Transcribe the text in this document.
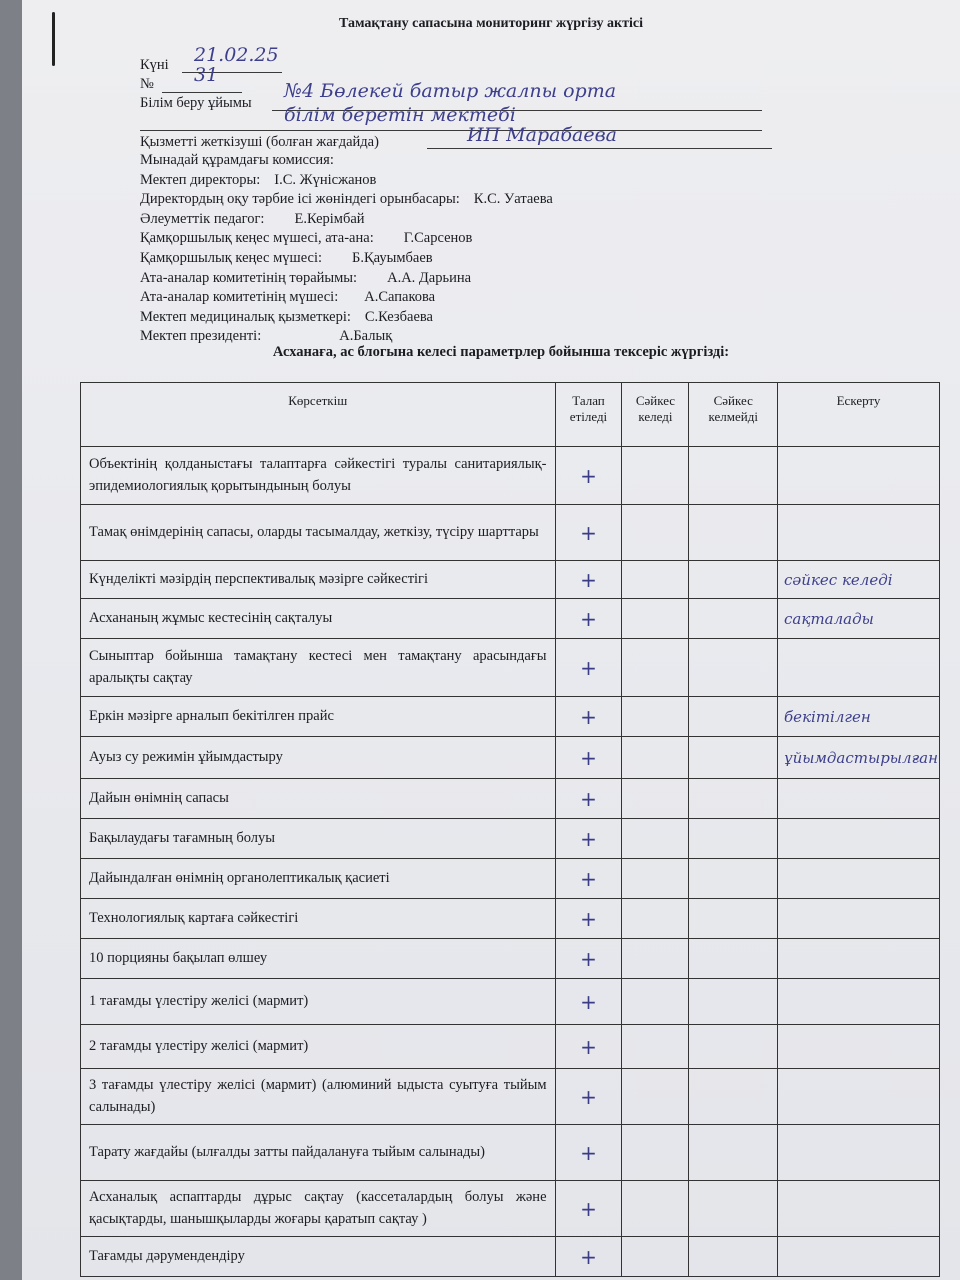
Тамақтану сапасына мониторинг жүргізу актісі
Күні 21.02.25
№ 31
Білім беру ұйымы
№4 Бөлекей батыр жалпы орта
білім беретін мектебі
Қызметті жеткізуші (болған жағдайда)	ИП Марабаева
Мынадай құрамдағы комиссия:
Мектеп директоры: І.С. Жүнісжанов
Директордың оқу тәрбие ісі жөніндегі орынбасары: К.С. Уатаева
Әлеуметтік педагог: Е.Керімбай
Қамқоршылық кеңес мүшесі, ата-ана: Г.Сарсенов
Қамқоршылық кеңес мүшесі: Б.Қауымбаев
Ата-аналар комитетінің төрайымы: А.А. Дарьина
Ата-аналар комитетінің мүшесі: А.Сапакова
Мектеп медициналық қызметкері: С.Кезбаева
Мектеп президенті:	А.Балық
Асханаға, ас блогына келесі параметрлер бойынша тексеріс жүргізді:
Көрсеткіш	Талап етіледі	Сәйкес келеді	Сәйкес келмейді	Ескерту
Объектінің қолданыстағы талаптарға сәйкестігі туралы санитариялық-эпидемиологиялық қорытындының болуы	+			
Тамақ өнімдерінің сапасы, оларды тасымалдау, жеткізу, түсіру шарттары	+			
Күнделікті мәзірдің перспективалық мәзірге сәйкестігі	+			сәйкес келеді
Асхананың жұмыс кестесінің сақталуы	+			сақталады
Сыныптар бойынша тамақтану кестесі мен тамақтану арасындағы аралықты сақтау	+			
Еркін мәзірге арналып бекітілген прайс	+			бекітілген
Ауыз су режимін ұйымдастыру	+			ұйымдастырылған
Дайын өнімнің сапасы	+			
Бақылаудағы тағамның болуы	+			
Дайындалған өнімнің органолептикалық қасиеті	+			
Технологиялық картаға сәйкестігі	+			
10 порцияны бақылап өлшеу	+			
1 тағамды үлестіру желісі (мармит)	+			
2 тағамды үлестіру желісі (мармит)	+			
3 тағамды үлестіру желісі (мармит) (алюминий ыдыста суытуға тыйым салынады)	+			
Тарату жағдайы (ылғалды затты пайдалануға тыйым салынады)	+			
Асханалық аспаптарды дұрыс сақтау (кассеталардың болуы және қасықтарды, шанышқыларды жоғары қаратып сақтау )	+			
Тағамды дәрумендендіру	+			
